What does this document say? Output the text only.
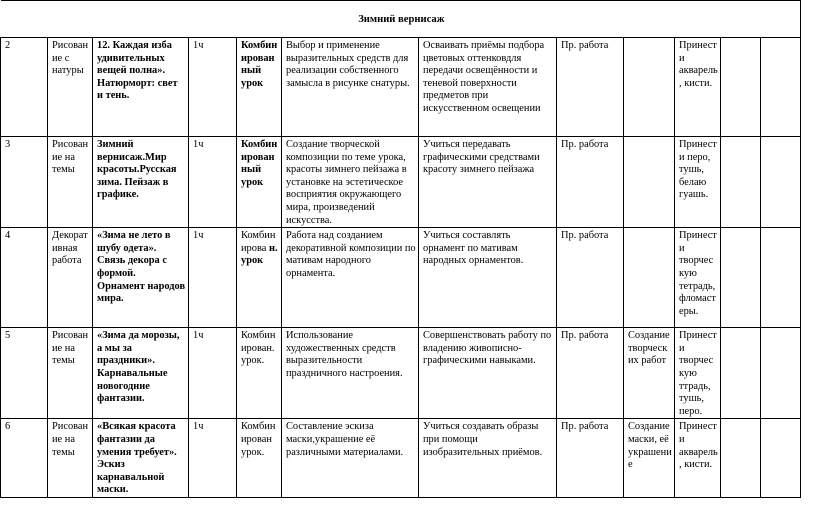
Зимний вернисаж											
2	Рисование с натуры	12. Каждая изба удивительных вещей полна». Натюрморт: свет и тень.	1ч	Комбинированный урок	Выбор и применение выразительных средств для реализации собственного замысла в рисунке снатуры.	Осваивать приёмы подбора цветовых оттенковдля передачи освещённости и теневой поверхности предметов при искусственном освещении	Пр. работа		Принести акварель, кисти.		
3	Рисование на темы	Зимний вернисаж.Мир красоты.Русская зима. Пейзаж в графике.	1ч	Комбинированный урок	Создание творческой композиции по теме урока, красоты зимнего пейзажа в установке на эстетическое восприятия окружающего мира, произведений искусства.	Учиться передавать графическими средствами красоту зимнего пейзажа	Пр. работа		Принести перо, тушь, белаю гуашь.		
4	Декоративная работа	«Зима не лето в шубу одета». Связь декора с формой. Орнамент народов мира.	1ч	Комбинирова н. урок	Работа над созданием декоративной композиции по мативам народного орнамента.	Учиться составлять орнамент по мативам народных орнаментов.	Пр. работа		Принести творческую тетрадь, фломастеры.		
5	Рисование на темы	«Зима да морозы, а мы за праздники». Карнавальные новогодние фантазии.	1ч	Комбинирован. урок.	Использование художественных средств выразительности праздничного настроения.	Совершенствовать работу по владению живописно-графическими навыками.	Пр. работа	Создание творческих работ	Принести творческую ттрадь, тушь, перо.		
6	Рисование на темы	«Всякая красота фантазии да умения требует». Эскиз карнавальной маски.	1ч	Комбинирован урок.	Составление эскиза маски,украшение её различными материалами.	Учиться создавать образы при помощи изобразительных приёмов.	Пр. работа	Создание маски, её украшение	Принести акварель, кисти.		
